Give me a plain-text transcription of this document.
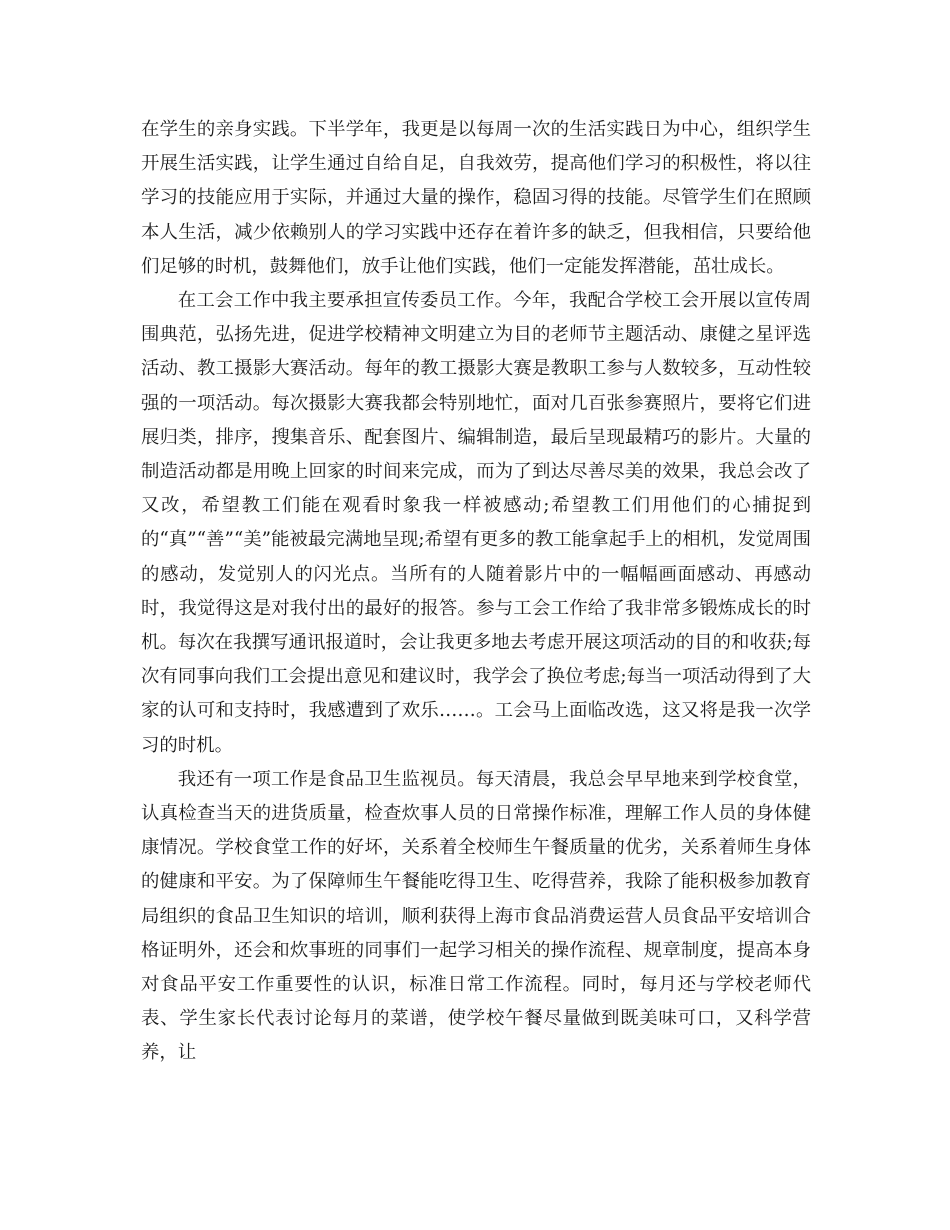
在学生的亲身实践。下半学年，我更是以每周一次的生活实践日为中心，组织学生开展生活实践，让学生通过自给自足，自我效劳，提高他们学习的积极性，将以往学习的技能应用于实际，并通过大量的操作，稳固习得的技能。尽管学生们在照顾本人生活，减少依赖别人的学习实践中还存在着许多的缺乏，但我相信，只要给他们足够的时机，鼓舞他们，放手让他们实践，他们一定能发挥潜能，茁壮成长。

在工会工作中我主要承担宣传委员工作。今年，我配合学校工会开展以宣传周围典范，弘扬先进，促进学校精神文明建立为目的老师节主题活动、康健之星评选活动、教工摄影大赛活动。每年的教工摄影大赛是教职工参与人数较多，互动性较强的一项活动。每次摄影大赛我都会特别地忙，面对几百张参赛照片，要将它们进展归类，排序，搜集音乐、配套图片、编辑制造，最后呈现最精巧的影片。大量的制造活动都是用晚上回家的时间来完成，而为了到达尽善尽美的效果，我总会改了又改，希望教工们能在观看时象我一样被感动;希望教工们用他们的心捕捉到的“真”“善”“美”能被最完满地呈现;希望有更多的教工能拿起手上的相机，发觉周围的感动，发觉别人的闪光点。当所有的人随着影片中的一幅幅画面感动、再感动时，我觉得这是对我付出的最好的报答。参与工会工作给了我非常多锻炼成长的时机。每次在我撰写通讯报道时，会让我更多地去考虑开展这项活动的目的和收获;每次有同事向我们工会提出意见和建议时，我学会了换位考虑;每当一项活动得到了大家的认可和支持时，我感遭到了欢乐……。工会马上面临改选，这又将是我一次学习的时机。

我还有一项工作是食品卫生监视员。每天清晨，我总会早早地来到学校食堂，认真检查当天的进货质量，检查炊事人员的日常操作标准，理解工作人员的身体健康情况。学校食堂工作的好坏，关系着全校师生午餐质量的优劣，关系着师生身体的健康和平安。为了保障师生午餐能吃得卫生、吃得营养，我除了能积极参加教育局组织的食品卫生知识的培训，顺利获得上海市食品消费运营人员食品平安培训合格证明外，还会和炊事班的同事们一起学习相关的操作流程、规章制度，提高本身对食品平安工作重要性的认识，标准日常工作流程。同时，每月还与学校老师代表、学生家长代表讨论每月的菜谱，使学校午餐尽量做到既美味可口，又科学营养，让
